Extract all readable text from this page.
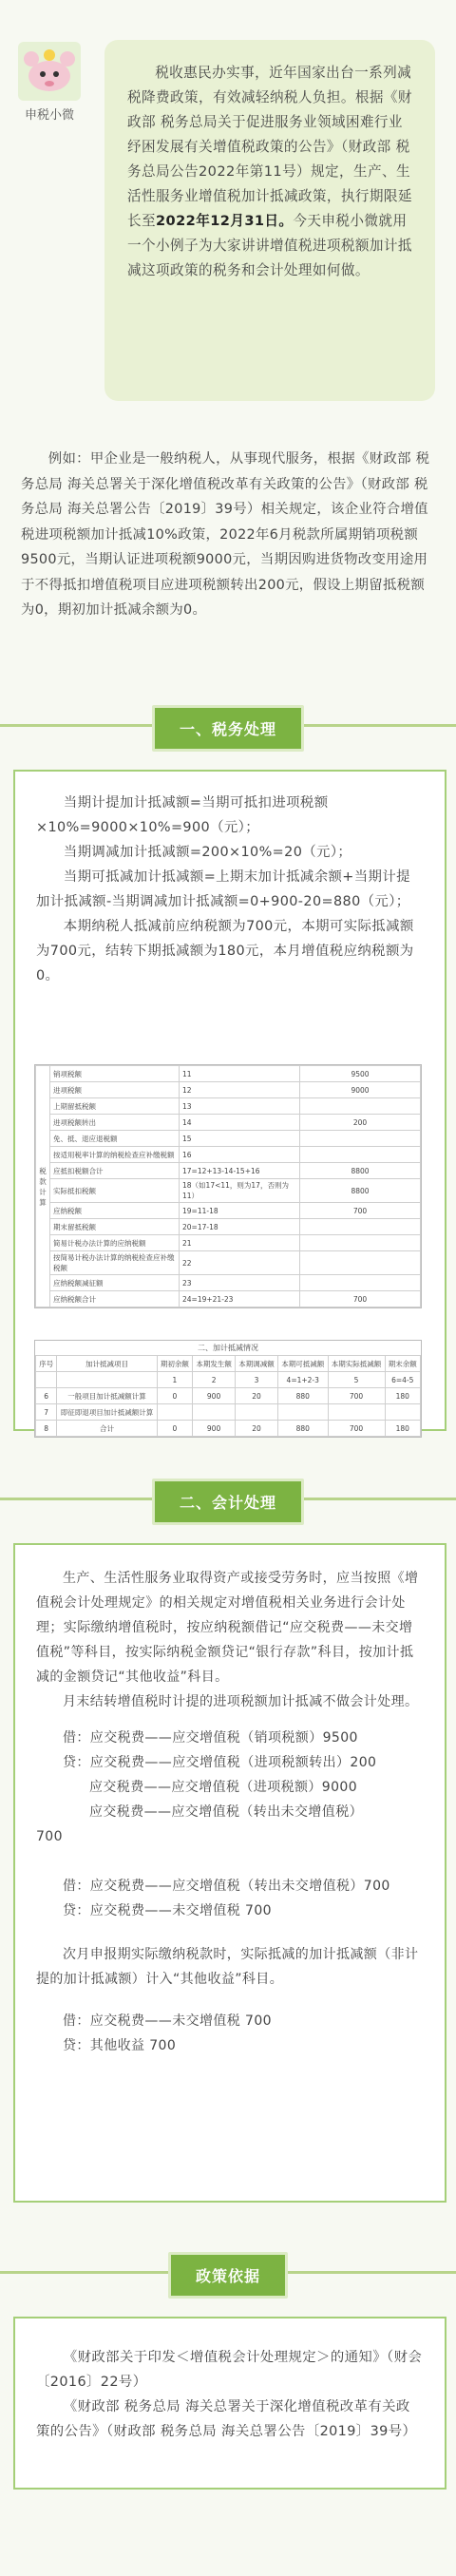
申税小微

税收惠民办实事，近年国家出台一系列减税降费政策，有效减轻纳税人负担。根据《财政部 税务总局关于促进服务业领域困难行业纾困发展有关增值税政策的公告》（财政部 税务总局公告2022年第11号）规定，生产、生活性服务业增值税加计抵减政策，执行期限延长至2022年12月31日。今天申税小微就用一个小例子为大家讲讲增值税进项税额加计抵减这项政策的税务和会计处理如何做。

例如：甲企业是一般纳税人，从事现代服务，根据《财政部 税务总局 海关总署关于深化增值税改革有关政策的公告》（财政部 税务总局 海关总署公告〔2019〕39号）相关规定，该企业符合增值税进项税额加计抵减10%政策，2022年6月税款所属期销项税额9500元，当期认证进项税额9000元，当期因购进货物改变用途用于不得抵扣增值税项目应进项税额转出200元，假设上期留抵税额为0，期初加计抵减余额为0。
一、税务处理

当期计提加计抵减额=当期可抵扣进项税额×10%=9000×10%=900（元）；

当期调减加计抵减额=200×10%=20（元）；

当期可抵减加计抵减额=上期末加计抵减余额+当期计提加计抵减额-当期调减加计抵减额=0+900-20=880（元）；

本期纳税人抵减前应纳税额为700元，本期可实际抵减额为700元，结转下期抵减额为180元，本月增值税应纳税额为0。

税款计算	销项税额	11	9500
	进项税额	12	9000
	上期留抵税额	13	
	进项税额转出	14	200
	免、抵、退应退税额	15	
	按适用税率计算的纳税检查应补缴税额	16	
	应抵扣税额合计	17=12+13-14-15+16	8800
	实际抵扣税额	18（如17<11，则为17，否则为11）	8800
	应纳税额	19=11-18	700
	期末留抵税额	20=17-18	
	简易计税办法计算的应纳税额	21	
	按简易计税办法计算的纳税检查应补缴税额	22	
	应纳税额减征额	23	
	应纳税额合计	24=19+21-23	700
二、加计抵减情况
序号	加计抵减项目	期初余额	本期发生额	本期调减额	本期可抵减额	本期实际抵减额	期末余额
		1	2	3	4=1+2-3	5	6=4-5
6	一般项目加计抵减额计算	0	900	20	880	700	180
7	即征即退项目加计抵减额计算						
8	合计	0	900	20	880	700	180
二、会计处理

生产、生活性服务业取得资产或接受劳务时，应当按照《增值税会计处理规定》的相关规定对增值税相关业务进行会计处理；实际缴纳增值税时，按应纳税额借记“应交税费——未交增值税”等科目，按实际纳税金额贷记“银行存款”科目，按加计抵减的金额贷记“其他收益”科目。

月末结转增值税时计提的进项税额加计抵减不做会计处理。

借：应交税费——应交增值税（销项税额）9500

贷：应交税费——应交增值税（进项税额转出）200

应交税费——应交增值税（进项税额）9000

应交税费——应交增值税（转出未交增值税）

700

借：应交税费——应交增值税（转出未交增值税）700

贷：应交税费——未交增值税 700

次月申报期实际缴纳税款时，实际抵减的加计抵减额（非计提的加计抵减额）计入“其他收益”科目。

借：应交税费——未交增值税 700

贷：其他收益 700

政策依据

《财政部关于印发＜增值税会计处理规定＞的通知》（财会〔2016〕22号）

《财政部 税务总局 海关总署关于深化增值税改革有关政策的公告》（财政部 税务总局 海关总署公告〔2019〕39号）
